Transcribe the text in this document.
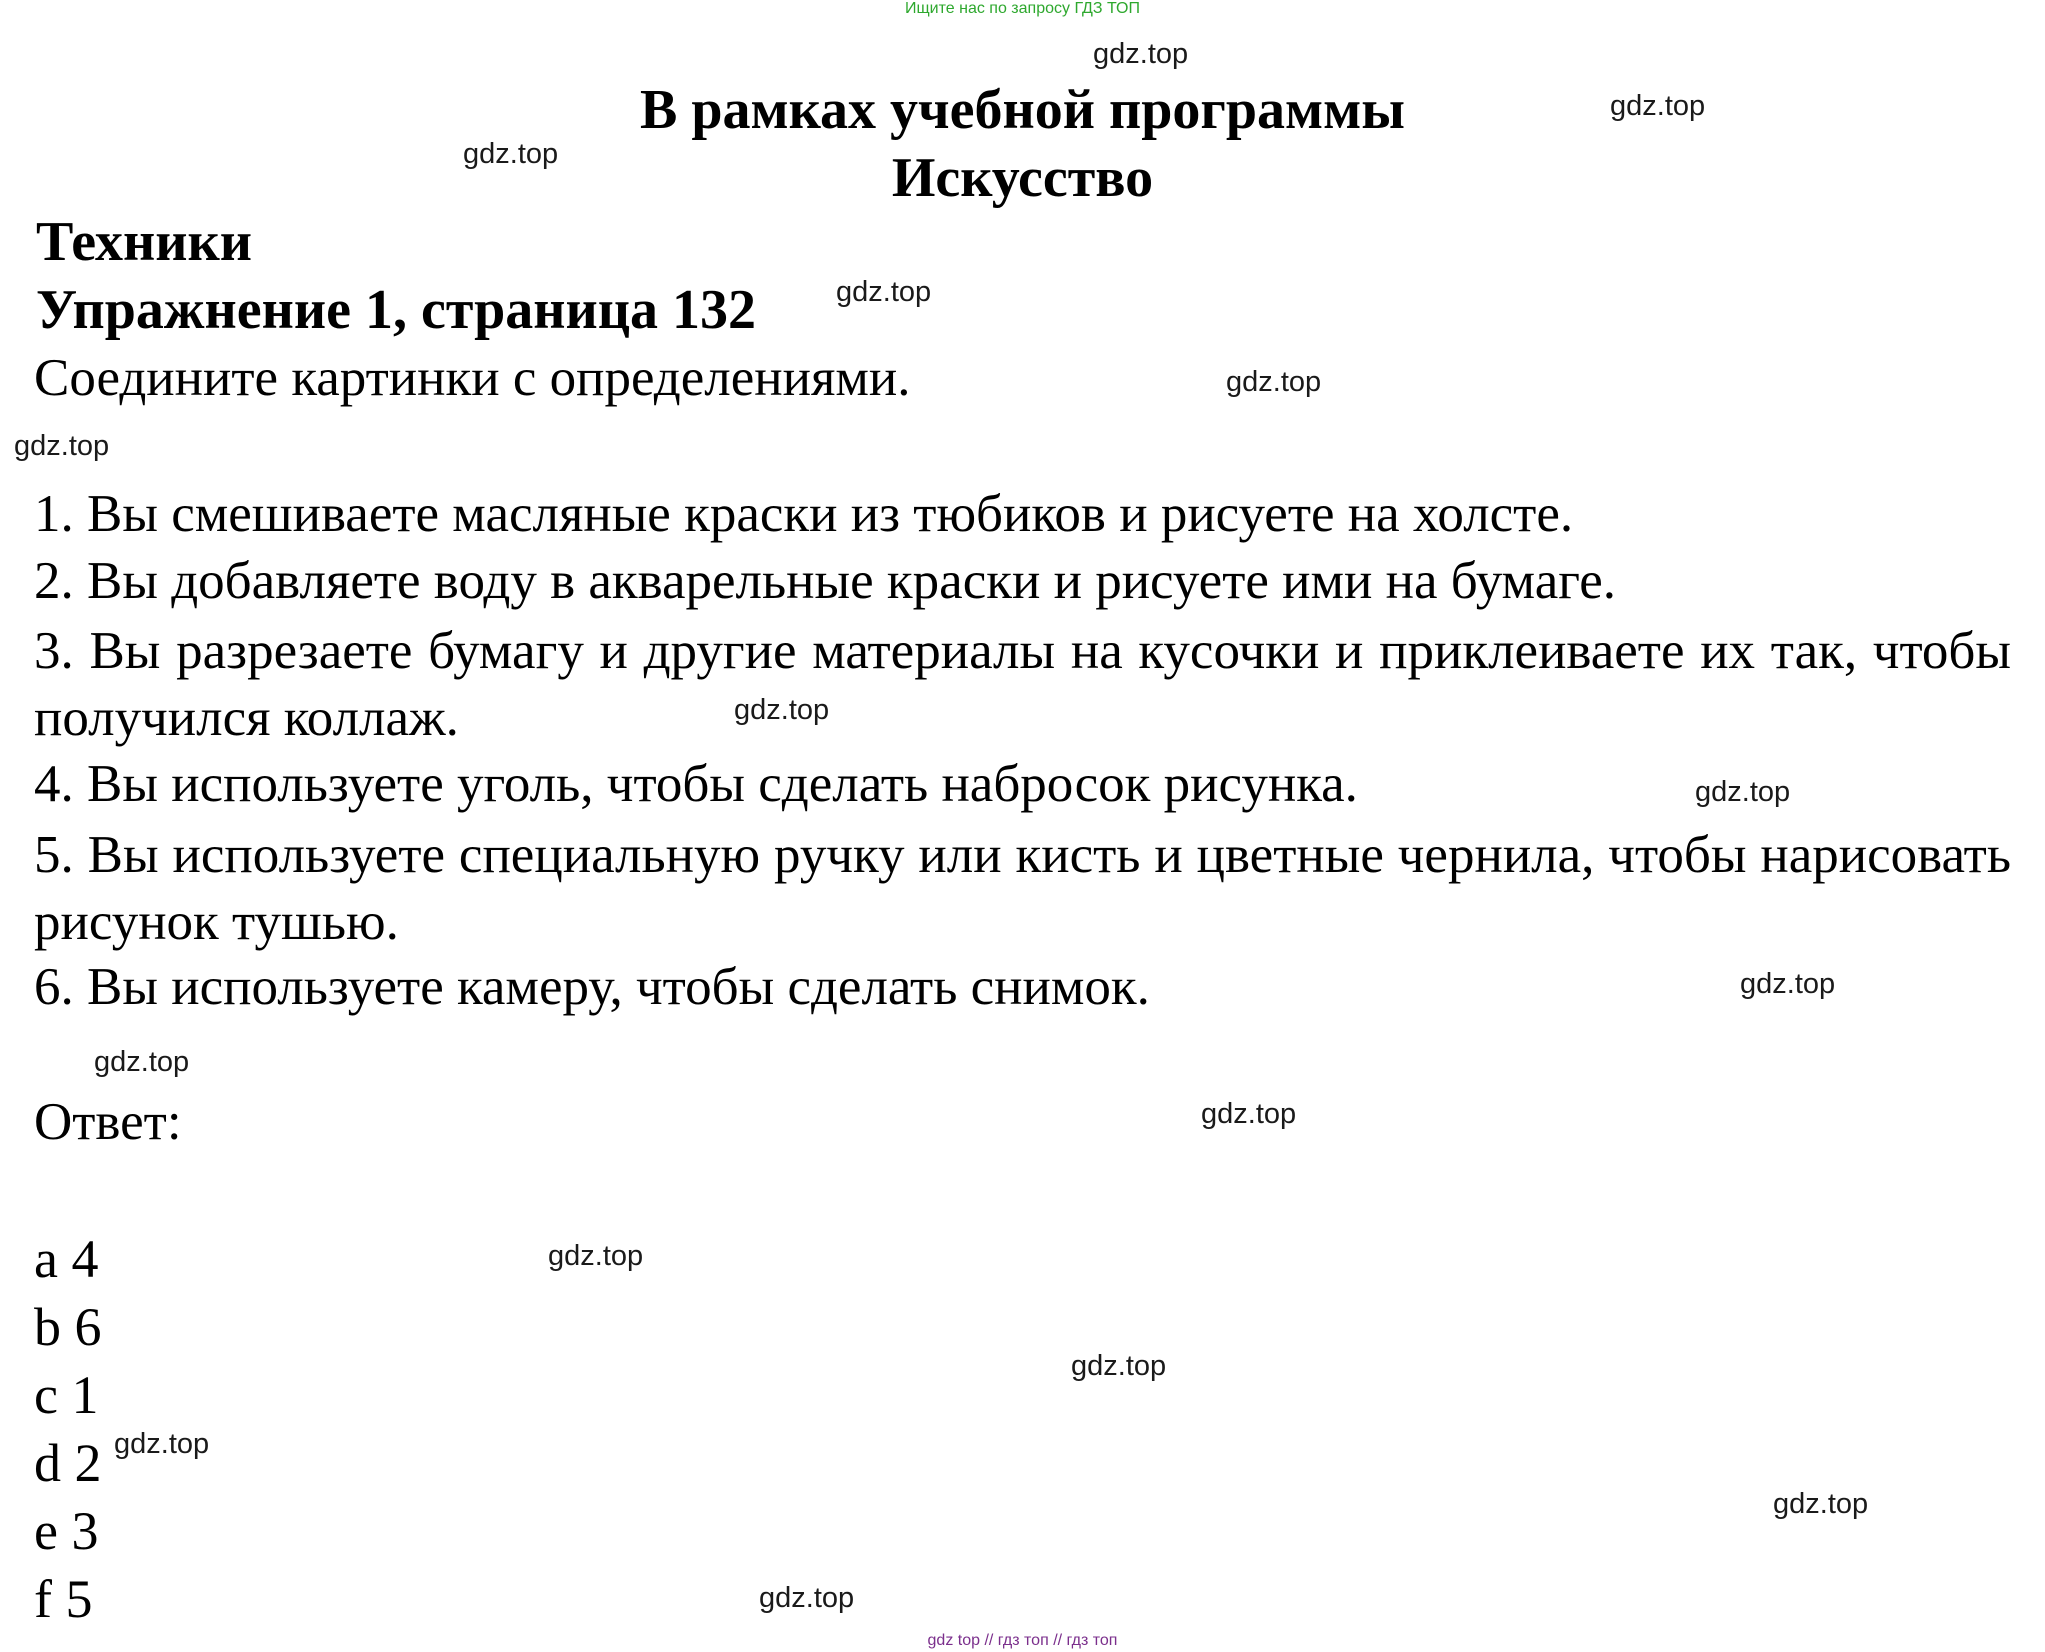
Ищите нас по запросу ГДЗ ТОП
В рамках учебной программы
Искусство
Техники
Упражнение 1, страница 132
Соедините картинки с определениями.
1. Вы смешиваете масляные краски из тюбиков и рисуете на холсте.
2. Вы добавляете воду в акварельные краски и рисуете ими на бумаге.
3. Вы разрезаете бумагу и другие материалы на кусочки и приклеиваете их так, чтобы получился коллаж.
4. Вы используете уголь, чтобы сделать набросок рисунка.
5. Вы используете специальную ручку или кисть и цветные чернила, чтобы нарисовать рисунок тушью.
6. Вы используете камеру, чтобы сделать снимок.
Ответ:
a 4
b 6
c 1
d 2
e 3
f 5
gdz.top
gdz.top
gdz.top
gdz.top
gdz.top
gdz.top
gdz.top
gdz.top
gdz.top
gdz.top
gdz.top
gdz.top
gdz.top
gdz.top
gdz.top
gdz.top
gdz top // гдз топ // гдз топ
